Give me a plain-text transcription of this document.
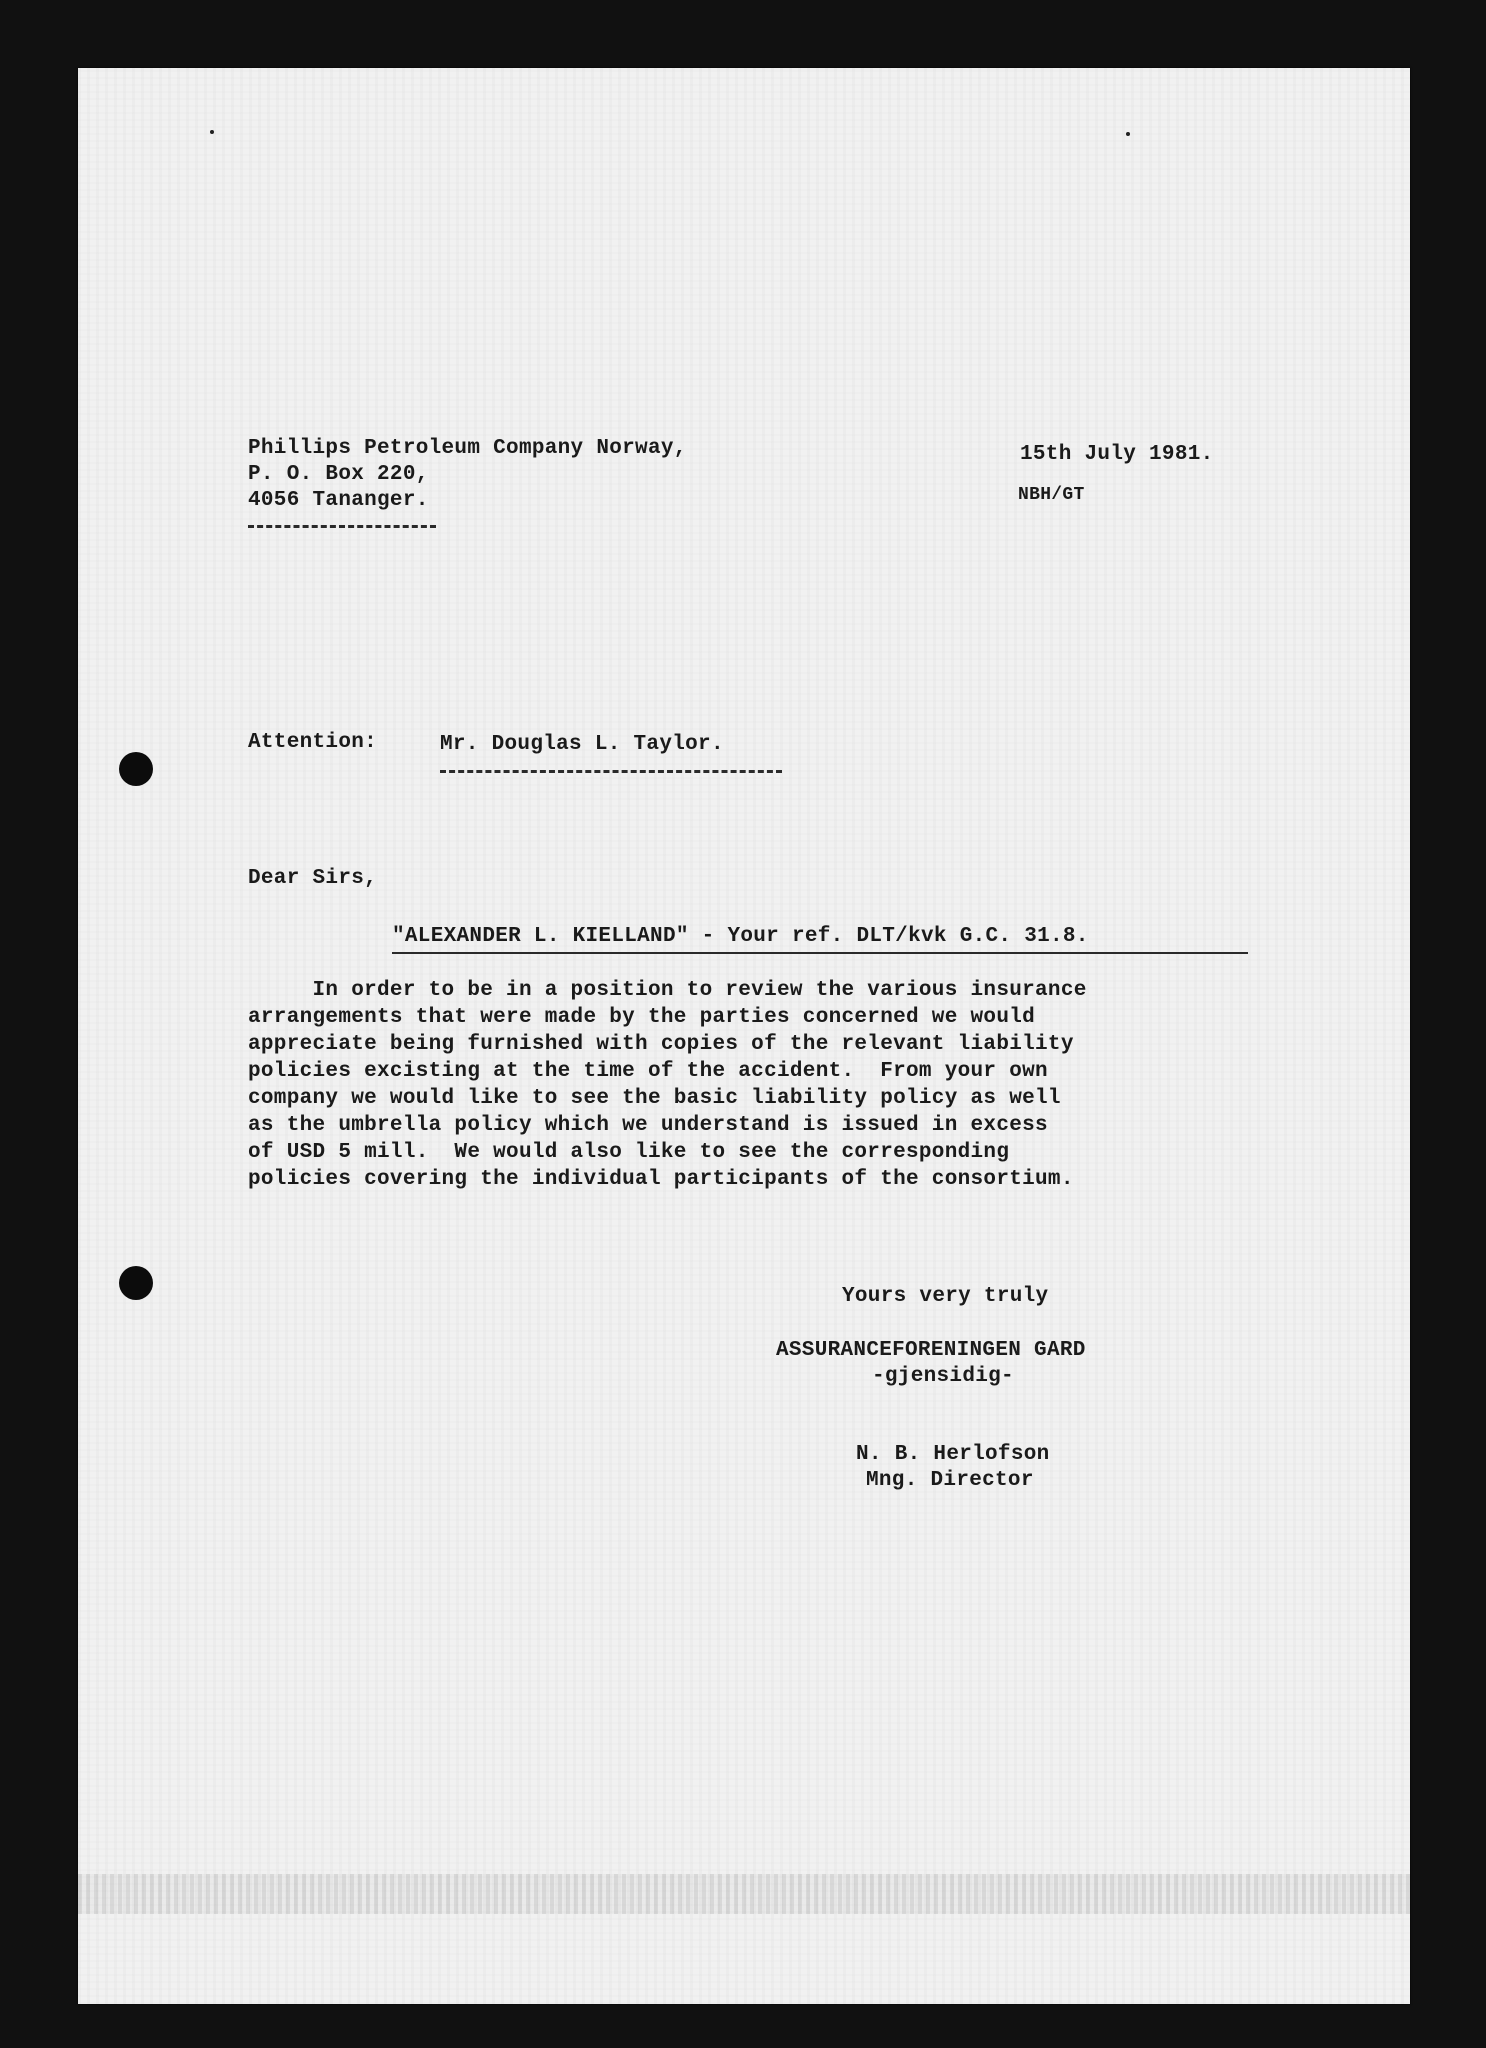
Phillips Petroleum Company Norway,
P. O. Box 220,
4056 Tananger.
15th July 1981.
NBH/GT
Attention:	Mr. Douglas L. Taylor.
Dear Sirs,
"ALEXANDER L. KIELLAND" - Your ref. DLT/kvk G.C. 31.8.
In order to be in a position to review the various insurance
arrangements that were made by the parties concerned we would
appreciate being furnished with copies of the relevant liability
policies excisting at the time of the accident.  From your own
company we would like to see the basic liability policy as well
as the umbrella policy which we understand is issued in excess
of USD 5 mill.  We would also like to see the corresponding
policies covering the individual participants of the consortium.
Yours very truly
ASSURANCEFORENINGEN GARD
-gjensidig-
N. B. Herlofson
Mng. Director
